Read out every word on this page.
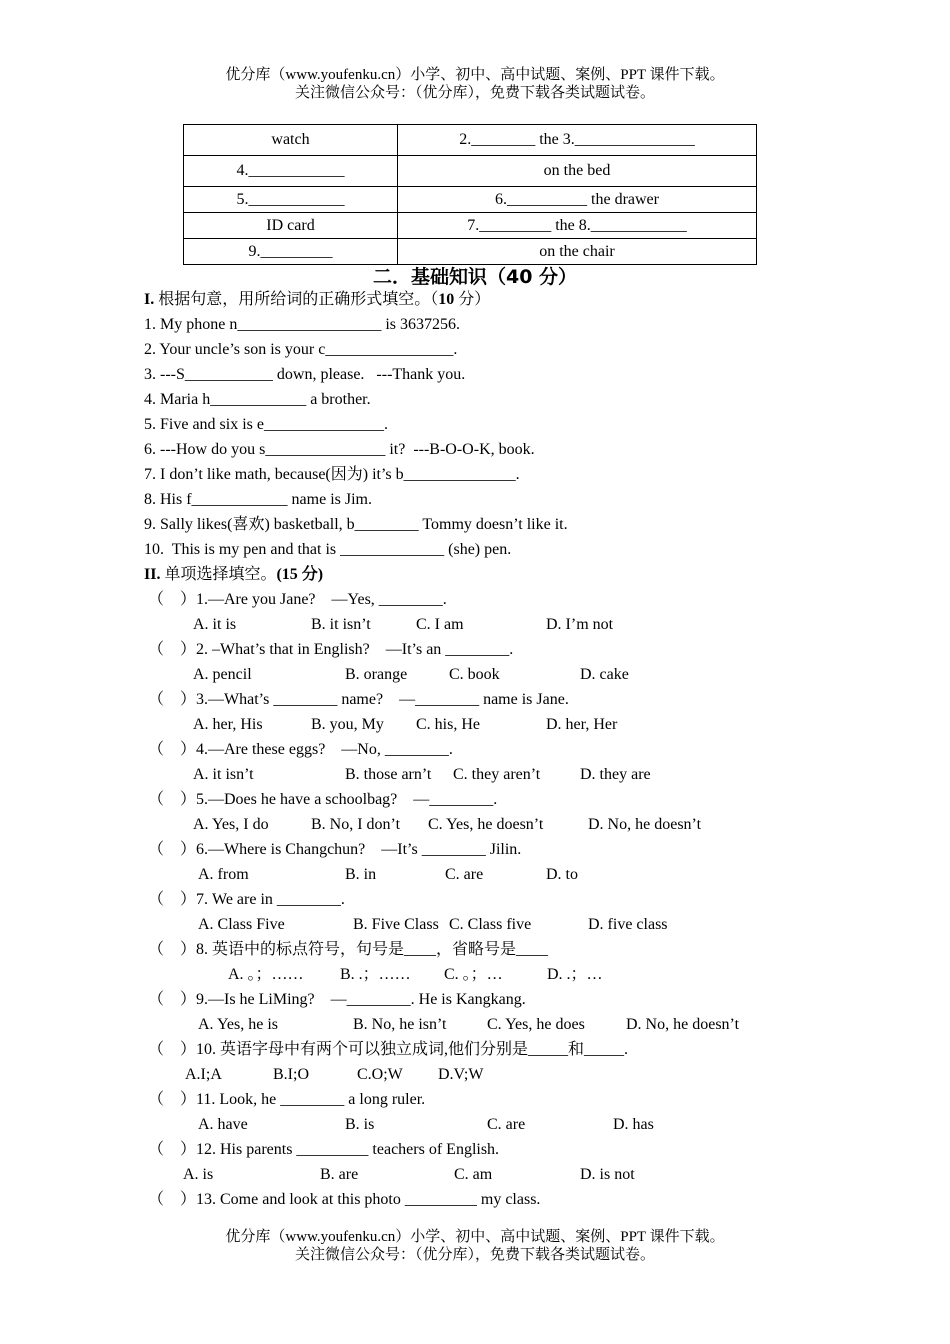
优分库（www.youfenku.cn）小学、初中、高中试题、案例、PPT 课件下载。
关注微信公众号：（优分库），免费下载各类试题试卷。
watch	2.________ the 3._______________
4.____________	on the bed
5.____________	6.__________ the drawer
ID card	7._________ the 8.____________
9._________	on the chair
二．基础知识（40 分）
I. 根据句意，用所给词的正确形式填空。（10 分）
1. My phone n__________________ is 3637256.
2. Your uncle’s son is your c________________.
3. ---S___________ down, please.   ---Thank you.
4. Maria h____________ a brother.
5. Five and six is e_______________.
6. ---How do you s_______________ it?  ---B-O-O-K, book.
7. I don’t like math, because(因为) it’s b______________.
8. His f____________ name is Jim.
9. Sally likes(喜欢) basketball, b________ Tommy doesn’t like it.
10.  This is my pen and that is _____________ (she) pen.
II. 单项选择填空。(15 分)
（    ）1.—Are you Jane?    —Yes, ________.
A. it is	B. it isn’t	C. I am	D. I’m not
（    ）2. –What’s that in English?    —It’s an ________.
A. pencil	B. orange	C. book	D. cake
（    ）3.—What’s ________ name?    —________ name is Jane.
A. her, His	B. you, My C. his, He	D. her, Her
（    ）4.—Are these eggs?    —No, ________.
A. it isn’t	B. those arn’t C. they aren’t D. they are
（    ）5.—Does he have a schoolbag?    —________.
A. Yes, I do	B. No, I don’t C. Yes, he doesn’t	D. No, he doesn’t
（    ）6.—Where is Changchun?    —It’s ________ Jilin.
A. from	B. in	C. are	D. to
（    ）7. We are in ________.
A. Class Five	B. Five Class C. Class five	D. five class
（    ）8. 英语中的标点符号，句号是____，省略号是____
A. 。；…… B. .；…… C. 。；…	D. .；…
（    ）9.—Is he LiMing?    —________. He is Kangkang.
A. Yes, he is	B. No, he isn’t	C. Yes, he does	D. No, he doesn’t
（    ）10. 英语字母中有两个可以独立成词,他们分别是_____和_____.
A.I;A	B.I;O	C.O;W D.V;W
（    ）11. Look, he ________ a long ruler.
A. have	B. is	C. are	D. has
（    ）12. His parents _________ teachers of English.
A. is	B. are	C. am	D. is not
（    ）13. Come and look at this photo _________ my class.
优分库（www.youfenku.cn）小学、初中、高中试题、案例、PPT 课件下载。
关注微信公众号：（优分库），免费下载各类试题试卷。
